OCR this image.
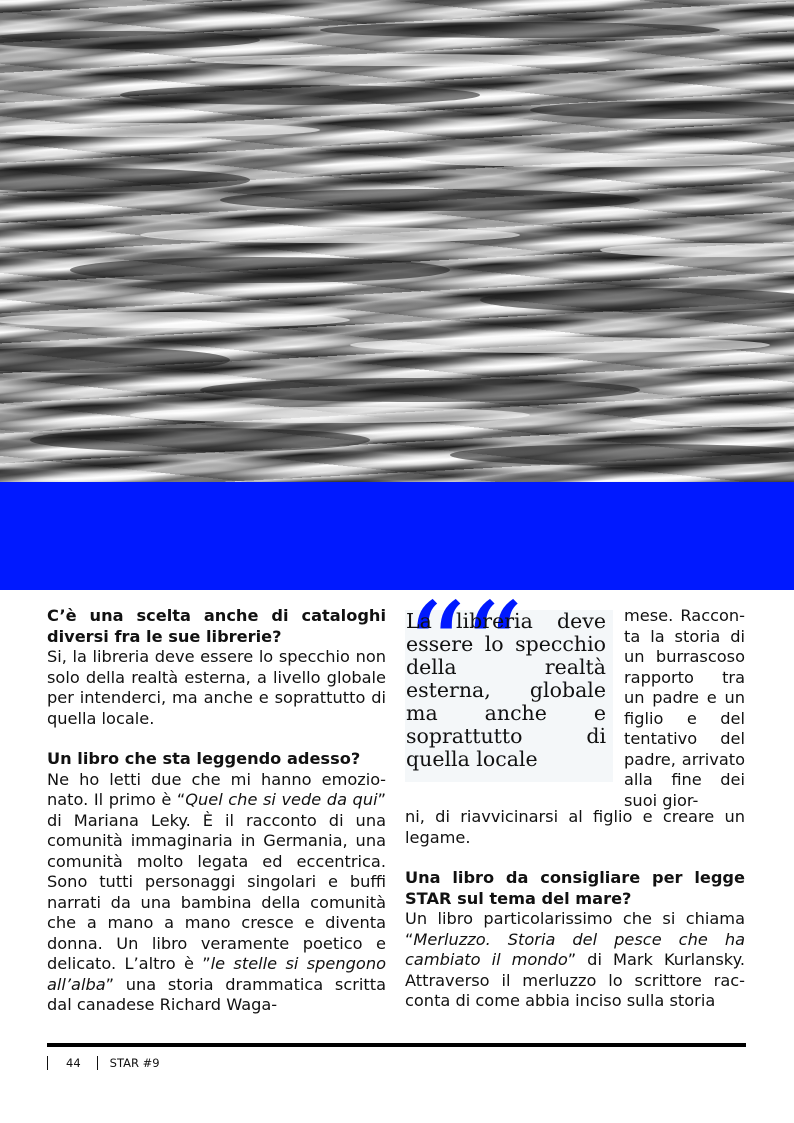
C’è una scelta anche di cataloghi diversi fra le sue librerie?

Si, la libreria deve essere lo specchio non solo della realtà esterna, a livello globale per intenderci, ma anche e soprattutto di quella locale.

Un libro che sta leggendo adesso?

Ne ho letti due che mi hanno emozionato. Il primo è “Quel che si vede da qui” di Mariana Leky. È il racconto di una comunità immaginaria in Germania, una comunità molto legata ed eccentrica. Sono tutti personaggi singolari e buffi narrati da una bambina della comunità che a mano a mano cresce e diventa donna. Un libro veramente poetico e delicato. L’altro è ”le stelle si spengono all’alba” una storia drammatica scritta dal canadese Richard Waga-

““
La libreria deve essere lo specchio della realtà esterna, globale ma anche e soprattutto di quella locale

mese. Racconta la storia di un burrascoso rapporto tra un padre e un figlio e del tentativo del padre, arrivato alla fine dei suoi gior-

ni, di riavvicinarsi al figlio e creare un legame.

Una libro da consigliare per legge STAR sul tema del mare?

Un libro particolarissimo che si chiama “Merluzzo. Storia del pesce che ha cambiato il mondo” di Mark Kurlansky. Attraverso il merluzzo lo scrittore racconta di come abbia inciso sulla storia

44	STAR #9
